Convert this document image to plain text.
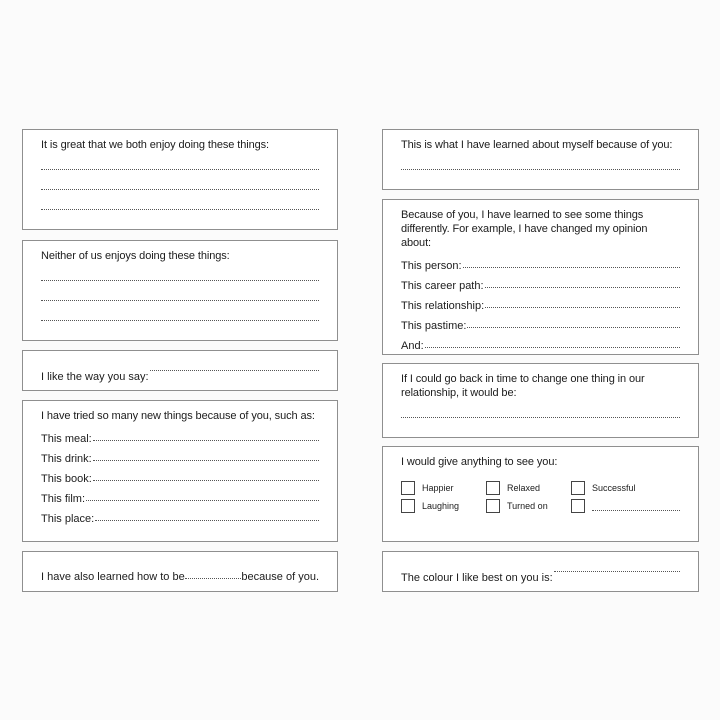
It is great that we both enjoy doing these things:
Neither of us enjoys doing these things:
I like the way you say:
I have tried so many new things because of you, such as:
This meal:
This drink:
This book:
This film:
This place:
I have also learned how to be	because of you.
This is what I have learned about myself because of you:
Because of you, I have learned to see some things differently. For example, I have changed my opinion about:
This person:
This career path:
This relationship:
This pastime:
And:
If I could go back in time to change one thing in our relationship, it would be:
I would give anything to see you:
Happier	Relaxed	Successful
Laughing	Turned on
The colour I like best on you is:
